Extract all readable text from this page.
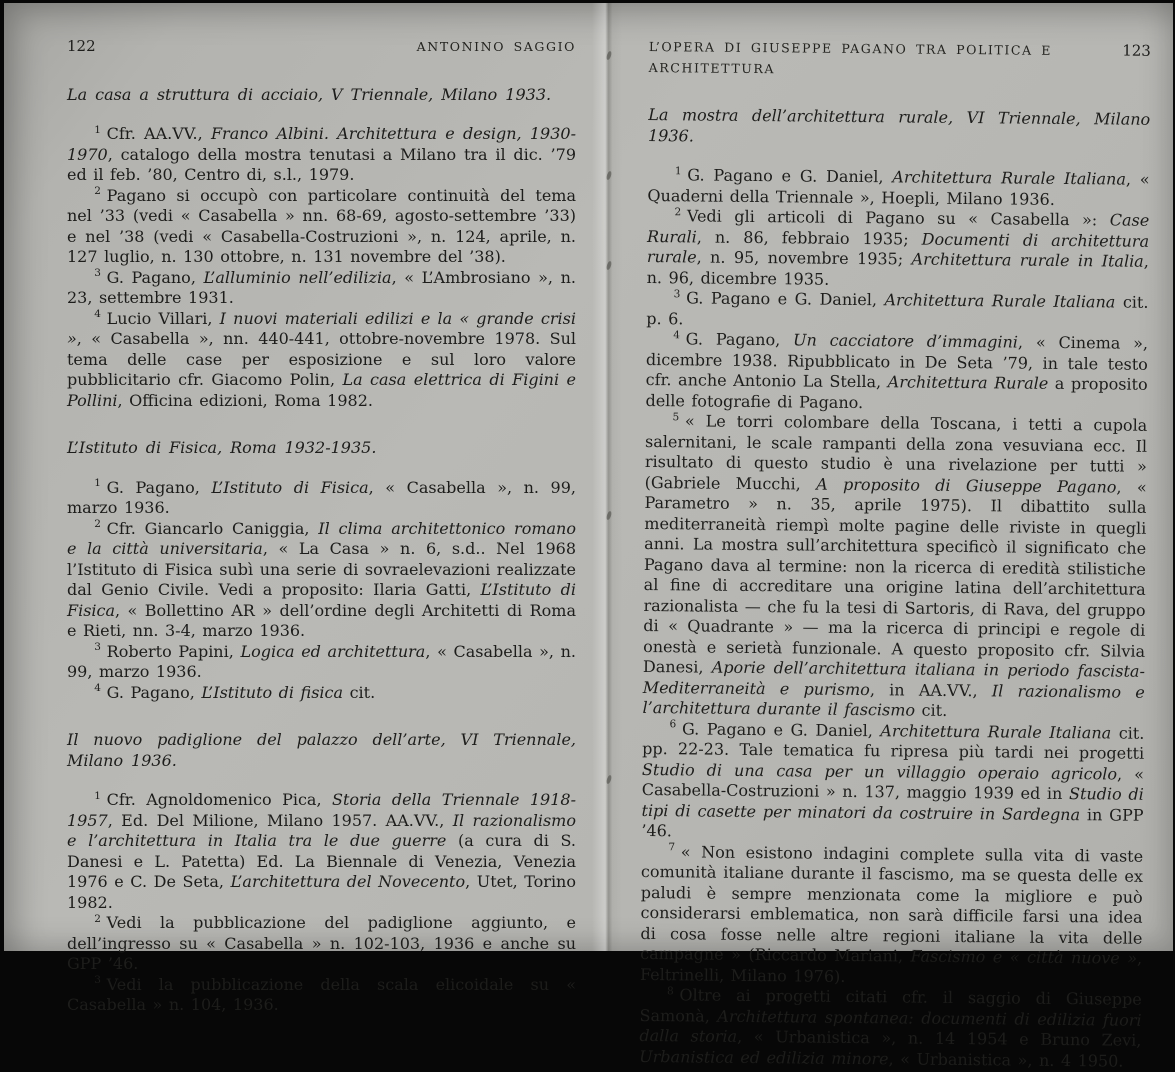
122	ANTONINO SAGGIO
La casa a struttura di acciaio, V Triennale, Milano 1933.

$^1$ Cfr. AA.VV., Franco Albini. Architettura e design, 1930-1970, catalogo della mostra tenutasi a Milano tra il dic. ’79 ed il feb. ’80, Centro di, s.l., 1979.

$^2$ Pagano si occupò con particolare continuità del tema nel ’33 (vedi « Casabella » nn. 68-69, agosto-settembre ’33) e nel ’38 (vedi « Casabella-Costruzioni », n. 124, aprile, n. 127 luglio, n. 130 ottobre, n. 131 novembre del ’38).

$^3$ G. Pagano, L’alluminio nell’edilizia, « L’Ambrosiano », n. 23, settembre 1931.

$^4$ Lucio Villari, I nuovi materiali edilizi e la « grande crisi », « Casabella », nn. 440-441, ottobre-novembre 1978. Sul tema delle case per esposizione e sul loro valore pubblicitario cfr. Giacomo Polin, La casa elettrica di Figini e Pollini, Officina edizioni, Roma 1982.

L’Istituto di Fisica, Roma 1932-1935.

$^1$ G. Pagano, L’Istituto di Fisica, « Casabella », n. 99, marzo 1936.

$^2$ Cfr. Giancarlo Caniggia, Il clima architettonico romano e la città universitaria, « La Casa » n. 6, s.d.. Nel 1968 l’Istituto di Fisica subì una serie di sovraelevazioni realizzate dal Genio Civile. Vedi a proposito: Ilaria Gatti, L’Istituto di Fisica, « Bollettino AR » dell’ordine degli Architetti di Roma e Rieti, nn. 3-4, marzo 1936.

$^3$ Roberto Papini, Logica ed architettura, « Casabella », n. 99, marzo 1936.

$^4$ G. Pagano, L’Istituto di fisica cit.

Il nuovo padiglione del palazzo dell’arte, VI Triennale, Milano 1936.

$^1$ Cfr. Agnoldomenico Pica, Storia della Triennale 1918-1957, Ed. Del Milione, Milano 1957. AA.VV., Il razionalismo e l’architettura in Italia tra le due guerre (a cura di S. Danesi e L. Patetta) Ed. La Biennale di Venezia, Venezia 1976 e C. De Seta, L’architettura del Novecento, Utet, Torino 1982.

$^2$ Vedi la pubblicazione del padiglione aggiunto, e dell’ingresso su « Casabella » n. 102-103, 1936 e anche su GPP ’46.

$^3$ Vedi la pubblicazione della scala elicoidale su « Casabella » n. 104, 1936.

L’OPERA DI GIUSEPPE PAGANO TRA POLITICA E ARCHITETTURA
123
La mostra dell’architettura rurale, VI Triennale, Milano 1936.

$^1$ G. Pagano e G. Daniel, Architettura Rurale Italiana, « Quaderni della Triennale », Hoepli, Milano 1936.

$^2$ Vedi gli articoli di Pagano su « Casabella »: Case Rurali, n. 86, febbraio 1935; Documenti di architettura rurale, n. 95, novembre 1935; Architettura rurale in Italia, n. 96, dicembre 1935.

$^3$ G. Pagano e G. Daniel, Architettura Rurale Italiana cit. p. 6.

$^4$ G. Pagano, Un cacciatore d’immagini, « Cinema », dicembre 1938. Ripubblicato in De Seta ’79, in tale testo cfr. anche Antonio La Stella, Architettura Rurale a proposito delle fotografie di Pagano.

$^5$ « Le torri colombare della Toscana, i tetti a cupola salernitani, le scale rampanti della zona vesuviana ecc. Il risultato di questo studio è una rivelazione per tutti » (Gabriele Mucchi, A proposito di Giuseppe Pagano, « Parametro » n. 35, aprile 1975). Il dibattito sulla mediterraneità riempì molte pagine delle riviste in quegli anni. La mostra sull’architettura specificò il significato che Pagano dava al termine: non la ricerca di eredità stilistiche al fine di accreditare una origine latina dell’architettura razionalista — che fu la tesi di Sartoris, di Rava, del gruppo di « Quadrante » — ma la ricerca di principi e regole di onestà e serietà funzionale. A questo proposito cfr. Silvia Danesi, Aporie dell’architettura italiana in periodo fascista-Mediterraneità e purismo, in AA.VV., Il razionalismo e l’architettura durante il fascismo cit.

$^6$ G. Pagano e G. Daniel, Architettura Rurale Italiana cit. pp. 22-23. Tale tematica fu ripresa più tardi nei progetti Studio di una casa per un villaggio operaio agricolo, « Casabella-Costruzioni » n. 137, maggio 1939 ed in Studio di tipi di casette per minatori da costruire in Sardegna in GPP ’46.

$^7$ « Non esistono indagini complete sulla vita di vaste comunità italiane durante il fascismo, ma se questa delle ex paludi è sempre menzionata come la migliore e può considerarsi emblematica, non sarà difficile farsi una idea di cosa fosse nelle altre regioni italiane la vita delle campagne » (Riccardo Mariani, Fascismo e « città nuove », Feltrinelli, Milano 1976).

$^8$ Oltre ai progetti citati cfr. il saggio di Giuseppe Samonà, Architettura spontanea: documenti di edilizia fuori dalla storia, « Urbanistica », n. 14 1954 e Bruno Zevi, Urbanistica ed edilizia minore, « Urbanistica », n. 4 1950.
